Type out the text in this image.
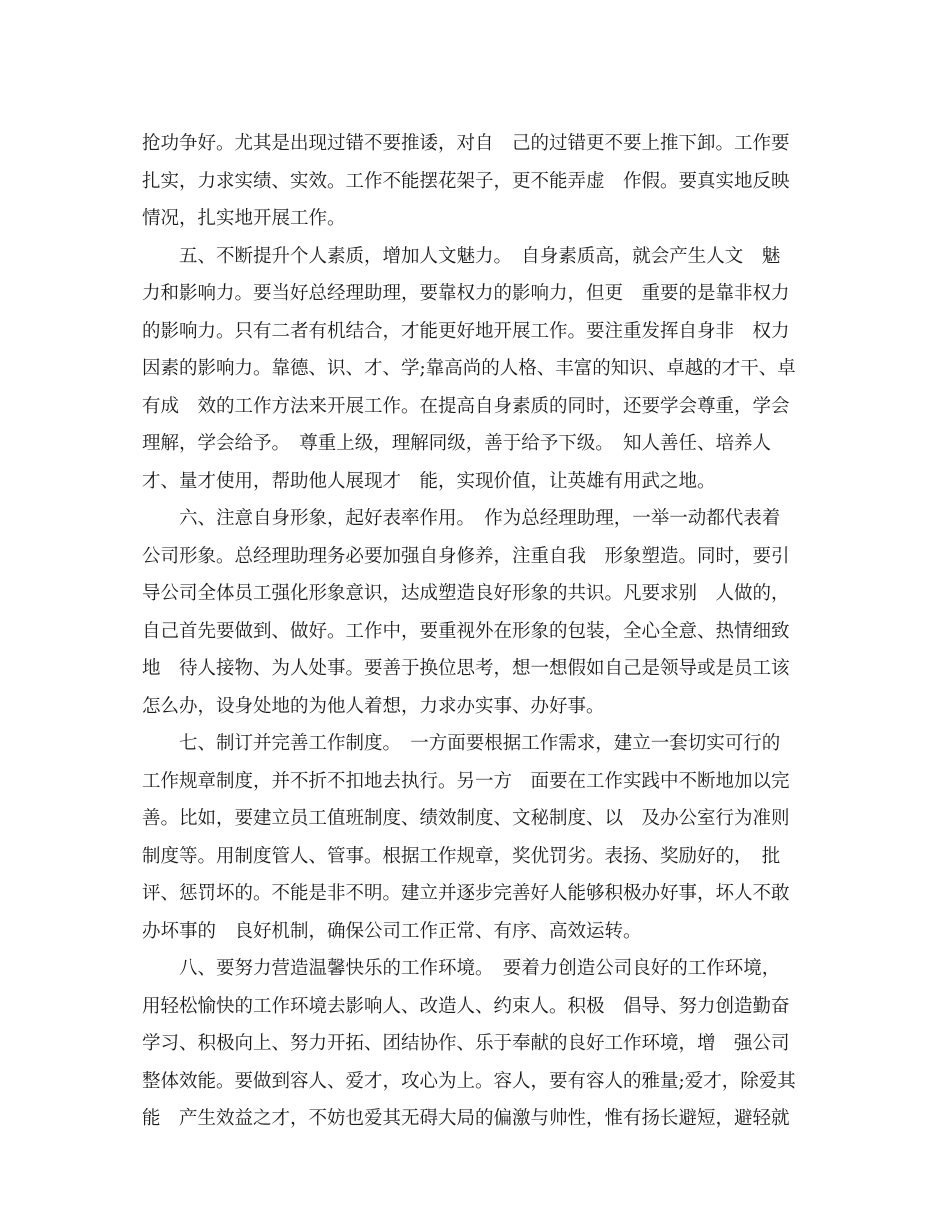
抢功争好。尤其是出现过错不要推诿，对自　己的过错更不要上推下卸。工作要
扎实，力求实绩、实效。工作不能摆花架子，更不能弄虚　作假。要真实地反映
情况，扎实地开展工作。
　　五、不断提升个人素质，增加人文魅力。　自身素质高，就会产生人文　魅
力和影响力。要当好总经理助理，要靠权力的影响力，但更　重要的是靠非权力
的影响力。只有二者有机结合，才能更好地开展工作。要注重发挥自身非　权力
因素的影响力。靠德、识、才、学;靠高尚的人格、丰富的知识、卓越的才干、卓
有成　效的工作方法来开展工作。在提高自身素质的同时，还要学会尊重，学会
理解，学会给予。　尊重上级，理解同级，善于给予下级。　知人善任、培养人
才、量才使用，帮助他人展现才　能，实现价值，让英雄有用武之地。
　　六、注意自身形象，起好表率作用。　作为总经理助理，一举一动都代表着
公司形象。总经理助理务必要加强自身修养，注重自我　形象塑造。同时，要引
导公司全体员工强化形象意识，达成塑造良好形象的共识。凡要求别　人做的，
自己首先要做到、做好。工作中，要重视外在形象的包装，全心全意、热情细致
地　待人接物、为人处事。要善于换位思考，想一想假如自己是领导或是员工该
怎么办，设身处地的为他人着想，力求办实事、办好事。
　　七、制订并完善工作制度。　一方面要根据工作需求，建立一套切实可行的
工作规章制度，并不折不扣地去执行。另一方　面要在工作实践中不断地加以完
善。比如，要建立员工值班制度、绩效制度、文秘制度、以　及办公室行为准则
制度等。用制度管人、管事。根据工作规章，奖优罚劣。表扬、奖励好的，　批
评、惩罚坏的。不能是非不明。建立并逐步完善好人能够积极办好事，坏人不敢
办坏事的　良好机制，确保公司工作正常、有序、高效运转。
　　八、要努力营造温馨快乐的工作环境。　要着力创造公司良好的工作环境，
用轻松愉快的工作环境去影响人、改造人、约束人。积极　倡导、努力创造勤奋
学习、积极向上、努力开拓、团结协作、乐于奉献的良好工作环境，增　强公司
整体效能。要做到容人、爱才，攻心为上。容人，要有容人的雅量;爱才，除爱其
能　产生效益之才，不妨也爱其无碍大局的偏激与帅性，惟有扬长避短，避轻就
